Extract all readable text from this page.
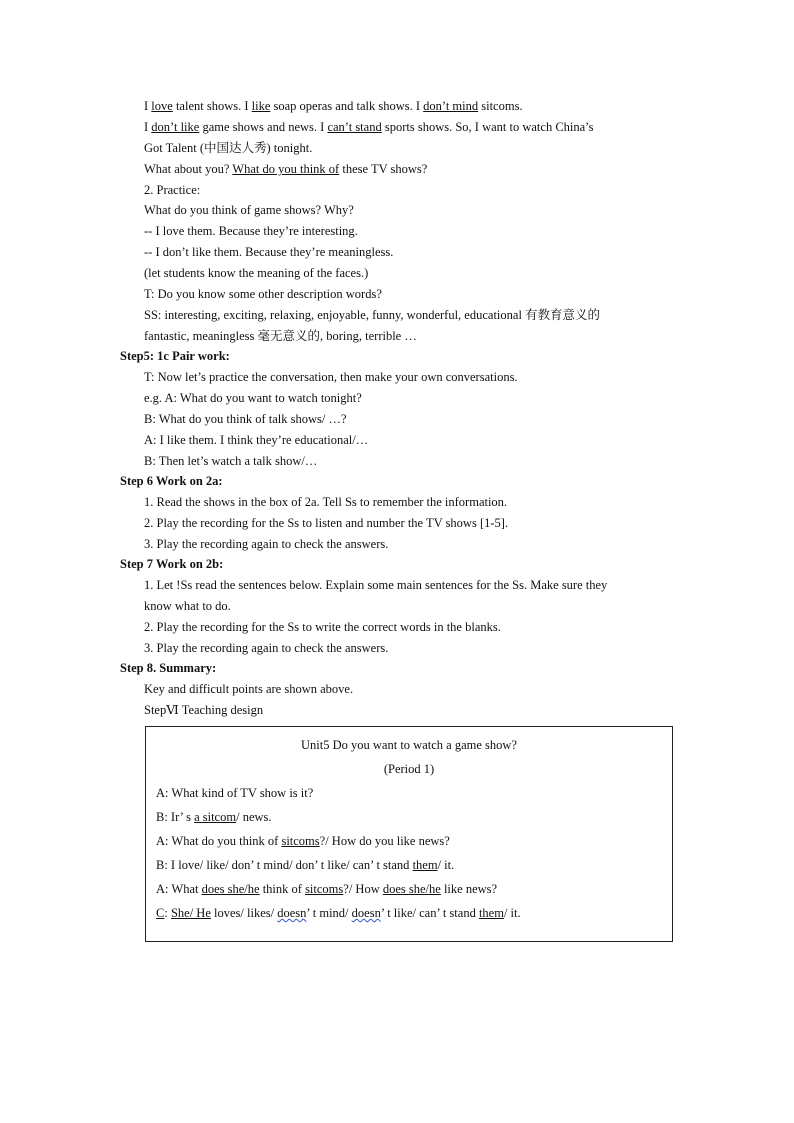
I love talent shows. I like soap operas and talk shows. I don’t mind sitcoms.
I don’t like game shows and news. I can’t stand sports shows. So, I want to watch China’s
Got Talent (中国达人秀) tonight.
What about you? What do you think of these TV shows?
2. Practice:
What do you think of game shows? Why?
-- I love them. Because they’re interesting.
-- I don’t like them. Because they’re meaningless.
(let students know the meaning of the faces.)
T: Do you know some other description words?
SS: interesting, exciting, relaxing, enjoyable, funny, wonderful, educational 有教育意义的
fantastic, meaningless 毫无意义的, boring, terrible …
Step5: 1c Pair work:
T: Now let’s practice the conversation, then make your own conversations.
e.g. A: What do you want to watch tonight?
B: What do you think of talk shows/ …?
A: I like them. I think they’re educational/…
B: Then let’s watch a talk show/…
Step 6 Work on 2a:
1. Read the shows in the box of 2a. Tell Ss to remember the information.
2. Play the recording for the Ss to listen and number the TV shows [1-5].
3. Play the recording again to check the answers.
Step 7 Work on 2b:
1. Let !Ss read the sentences below. Explain some main sentences for the Ss. Make sure they
know what to do.
2. Play the recording for the Ss to write the correct words in the blanks.
3. Play the recording again to check the answers.
Step 8. Summary:
Key and difficult points are shown above.
StepⅥ Teaching design
Unit5 Do you want to watch a game show?
(Period 1)
A: What kind of TV show is it?
B: Ir’ s a sitcom/ news.
A: What do you think of sitcoms?/ How do you like news?
B: I love/ like/ don’ t mind/ don’ t like/ can’ t stand them/ it.
A: What does she/he think of sitcoms?/ How does she/he like news?
C: She/ He loves/ likes/ doesn’ t mind/ doesn’ t like/ can’ t stand them/ it.
